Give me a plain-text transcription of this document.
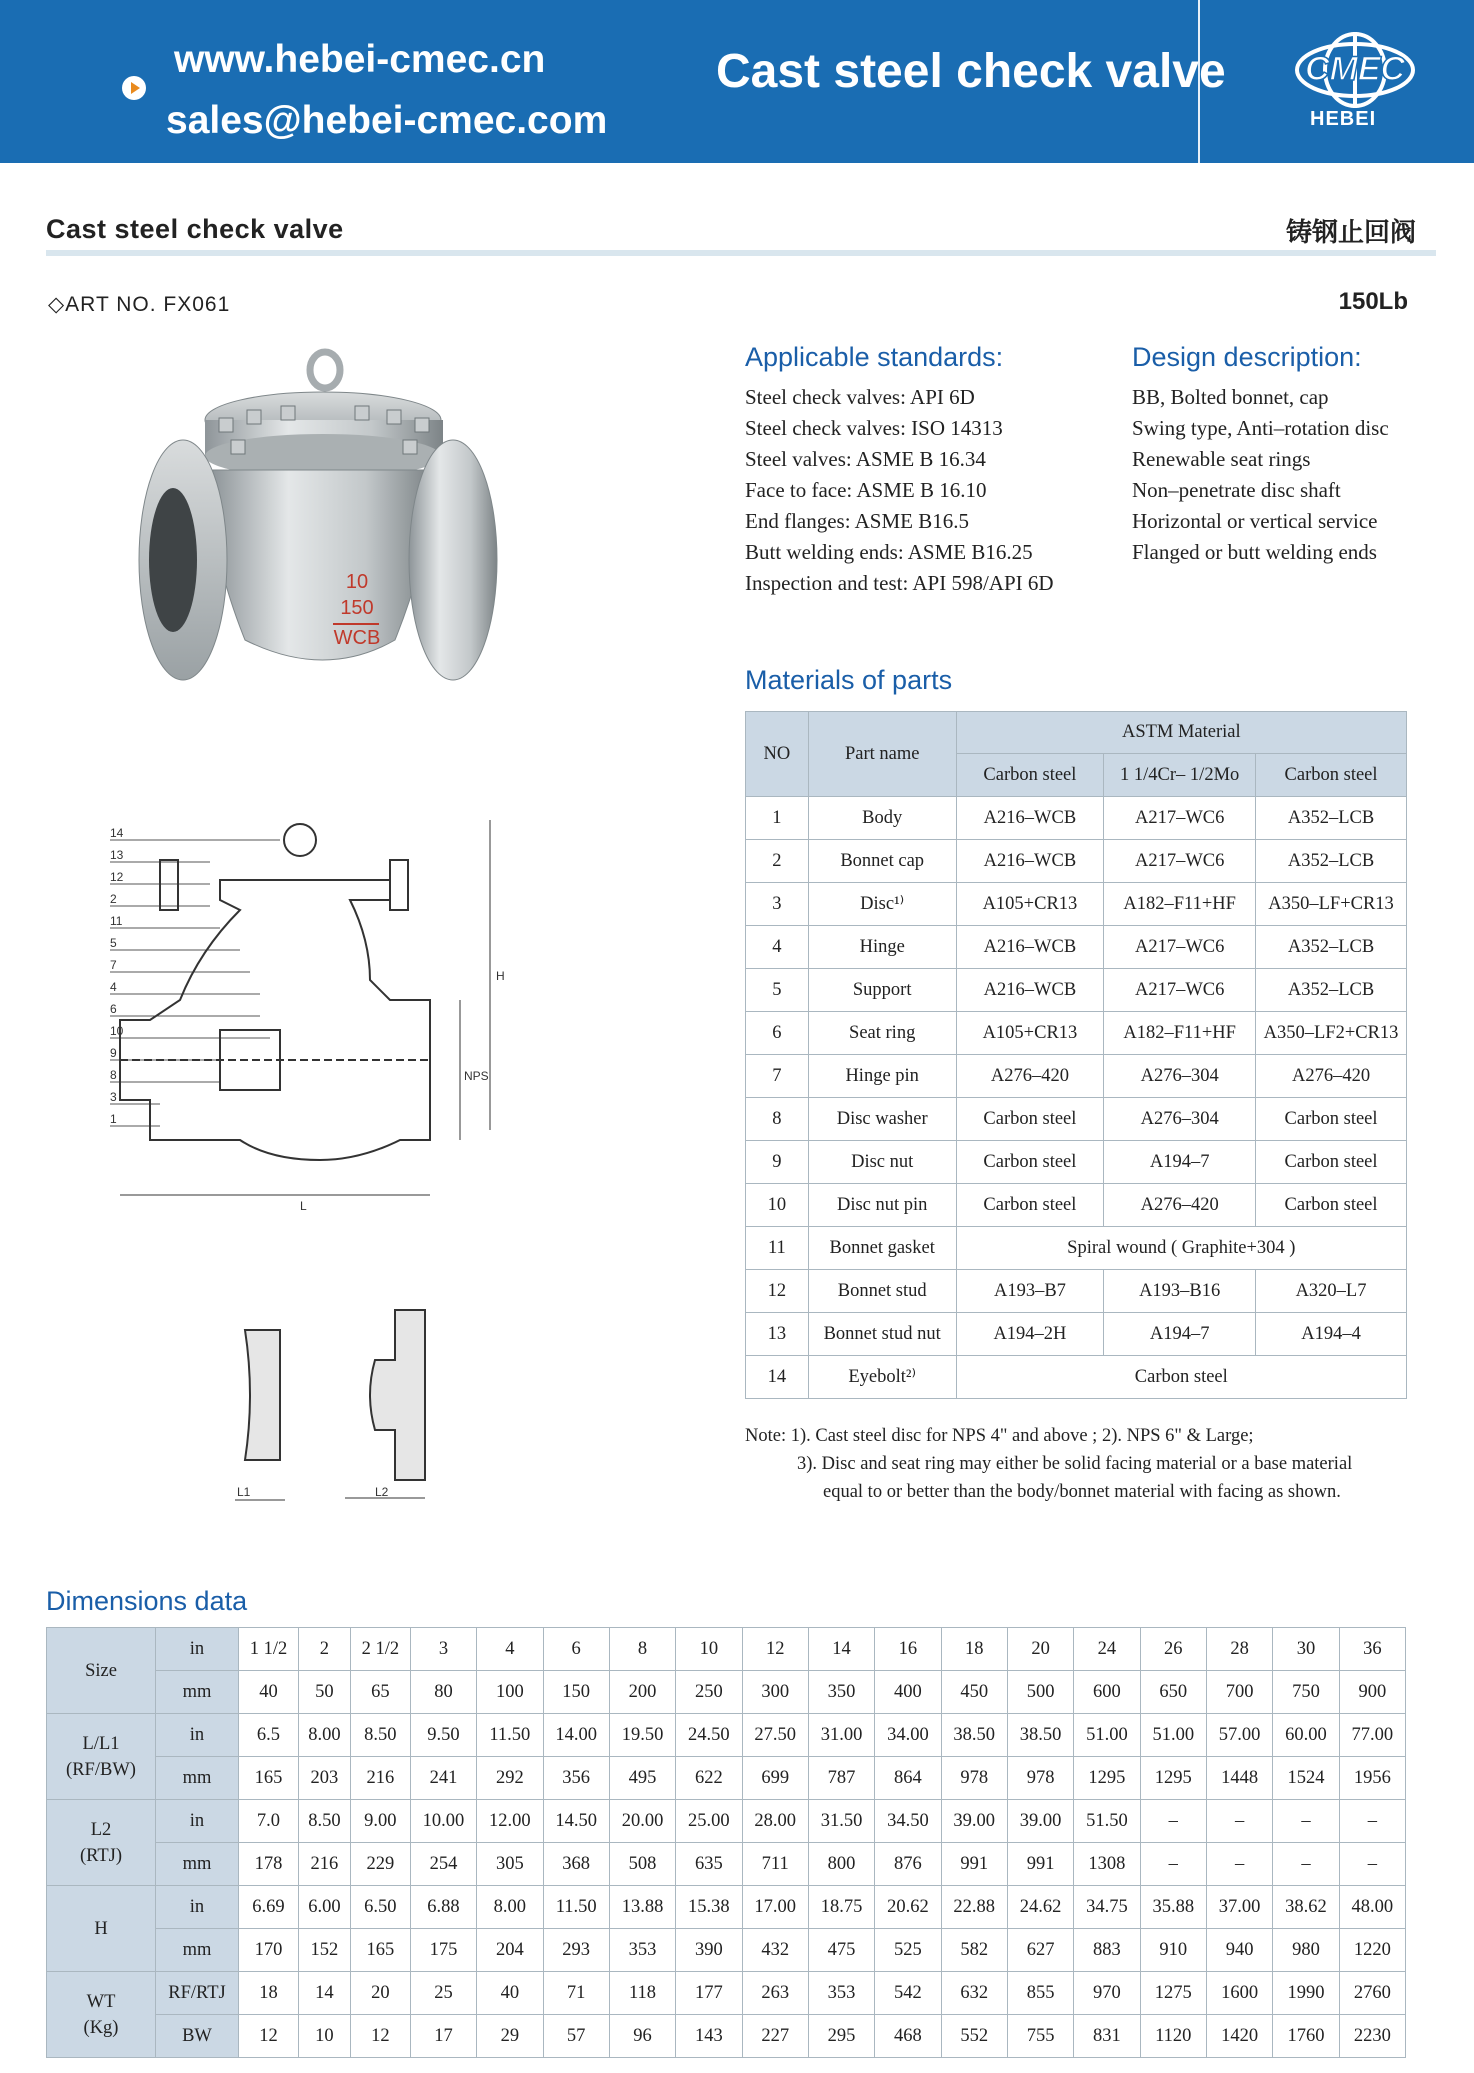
www.hebei-cmec.cn
sales@hebei-cmec.com
Cast steel check valve CMEC
HEBEI
Cast steel check valve	铸钢止回阀
◇ART NO. FX061	150Lb
10
150
WCB
14
13
12
2
11
5
7
4
6
10
9
8
3
1
H
NPS
L
L1	L2
Applicable standards:
Steel check valves: API 6D
Steel check valves: ISO 14313
Steel valves: ASME B 16.34
Face to face: ASME B 16.10
End flanges: ASME B16.5
Butt welding ends: ASME B16.25
Inspection and test: API 598/API 6D
Design description:
BB, Bolted bonnet, cap
Swing type, Anti–rotation disc
Renewable seat rings
Non–penetrate disc shaft
Horizontal or vertical service
Flanged or butt welding ends
Materials of parts
NO	Part name	ASTM Material		
		Carbon steel	1 1/4Cr– 1/2Mo	Carbon steel
1	Body	A216–WCB	A217–WC6	A352–LCB
2	Bonnet cap	A216–WCB	A217–WC6	A352–LCB
3	Disc¹⁾	A105+CR13	A182–F11+HF	A350–LF+CR13
4	Hinge	A216–WCB	A217–WC6	A352–LCB
5	Support	A216–WCB	A217–WC6	A352–LCB
6	Seat ring	A105+CR13	A182–F11+HF	A350–LF2+CR13
7	Hinge pin	A276–420	A276–304	A276–420
8	Disc washer	Carbon steel	A276–304	Carbon steel
9	Disc nut	Carbon steel	A194–7	Carbon steel
10	Disc nut pin	Carbon steel	A276–420	Carbon steel
11	Bonnet gasket	Spiral wound ( Graphite+304 )		
12	Bonnet stud	A193–B7	A193–B16	A320–L7
13	Bonnet stud nut	A194–2H	A194–7	A194–4
14	Eyebolt²⁾	Carbon steel		
Note: 1). Cast steel disc for NPS 4" and above ; 2). NPS 6" & Large;
3). Disc and seat ring may either be solid facing material or a base material
equal to or better than the body/bonnet material with facing as shown.
Dimensions data
Size	in	1 1/2	2	2 1/2	3	4	6	8	10	12	14	16	18	20	24	26	28	30	36
	mm	40	50	65	80	100	150	200	250	300	350	400	450	500	600	650	700	750	900

L/L1
(RF/BW)	in	6.5	8.00	8.50	9.50	11.50	14.00	19.50	24.50	27.50	31.00	34.00	38.50	38.50	51.00	51.00	57.00	60.00	77.00
	mm	165	203	216	241	292	356	495	622	699	787	864	978	978	1295	1295	1448	1524	1956

L2
(RTJ)	in	7.0	8.50	9.00	10.00	12.00	14.50	20.00	25.00	28.00	31.50	34.50	39.00	39.00	51.50	–	–	–	–
	mm	178	216	229	254	305	368	508	635	711	800	876	991	991	1308	–	–	–	–

H	in	6.69	6.00	6.50	6.88	8.00	11.50	13.88	15.38	17.00	18.75	20.62	22.88	24.62	34.75	35.88	37.00	38.62	48.00
	mm	170	152	165	175	204	293	353	390	432	475	525	582	627	883	910	940	980	1220

WT
(Kg)	RF/RTJ	18	14	20	25	40	71	118	177	263	353	542	632	855	970	1275	1600	1990	2760
	BW	12	10	12	17	29	57	96	143	227	295	468	552	755	831	1120	1420	1760	2230
